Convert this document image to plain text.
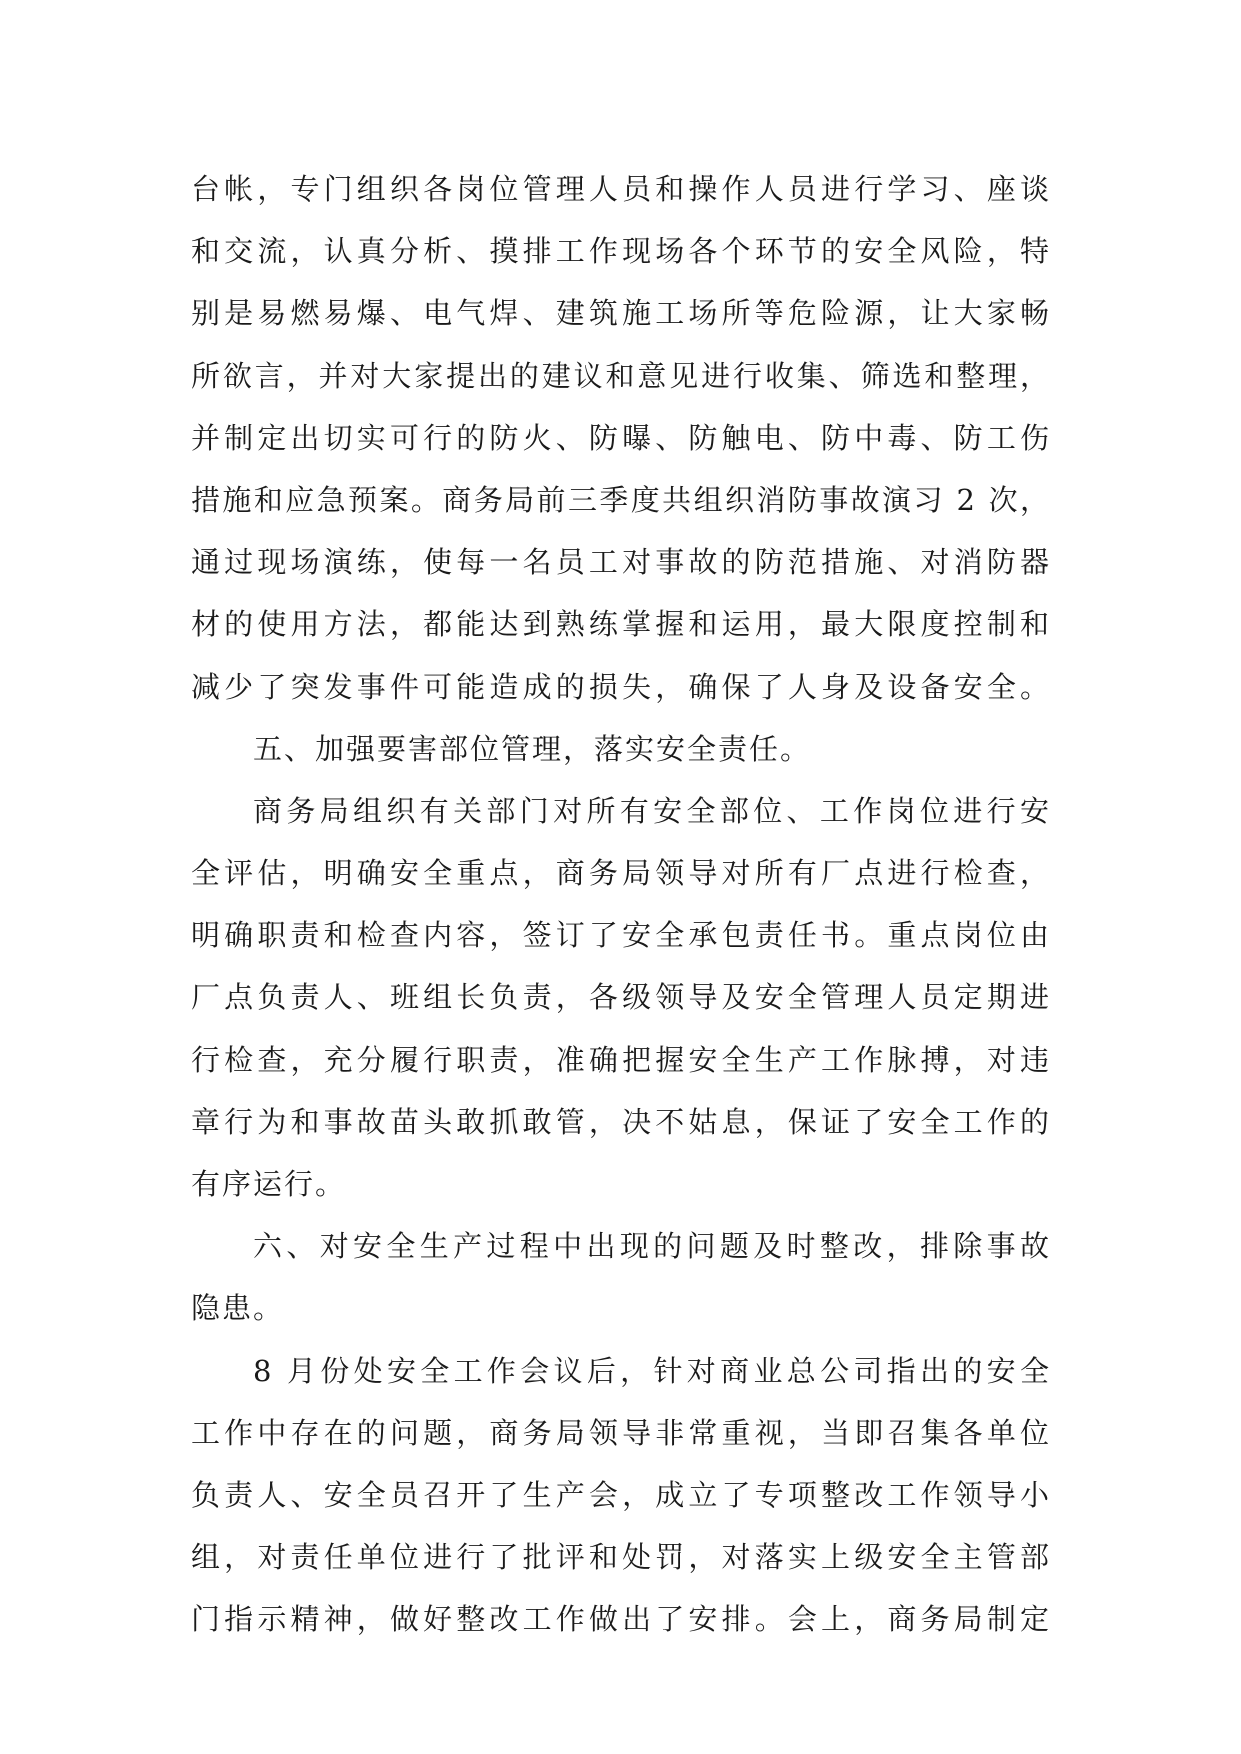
台帐，专门组织各岗位管理人员和操作人员进行学习、座谈
和交流，认真分析、摸排工作现场各个环节的安全风险，特
别是易燃易爆、电气焊、建筑施工场所等危险源，让大家畅
所欲言，并对大家提出的建议和意见进行收集、筛选和整理，
并制定出切实可行的防火、防曝、防触电、防中毒、防工伤
措施和应急预案。商务局前三季度共组织消防事故演习 2 次，
通过现场演练，使每一名员工对事故的防范措施、对消防器
材的使用方法，都能达到熟练掌握和运用，最大限度控制和
减少了突发事件可能造成的损失，确保了人身及设备安全。
五、加强要害部位管理，落实安全责任。
商务局组织有关部门对所有安全部位、工作岗位进行安
全评估，明确安全重点，商务局领导对所有厂点进行检查，
明确职责和检查内容，签订了安全承包责任书。重点岗位由
厂点负责人、班组长负责，各级领导及安全管理人员定期进
行检查，充分履行职责，准确把握安全生产工作脉搏，对违
章行为和事故苗头敢抓敢管，决不姑息，保证了安全工作的
有序运行。
六、对安全生产过程中出现的问题及时整改，排除事故
隐患。
8 月份处安全工作会议后，针对商业总公司指出的安全
工作中存在的问题，商务局领导非常重视，当即召集各单位
负责人、安全员召开了生产会，成立了专项整改工作领导小
组，对责任单位进行了批评和处罚，对落实上级安全主管部
门指示精神，做好整改工作做出了安排。会上，商务局制定
